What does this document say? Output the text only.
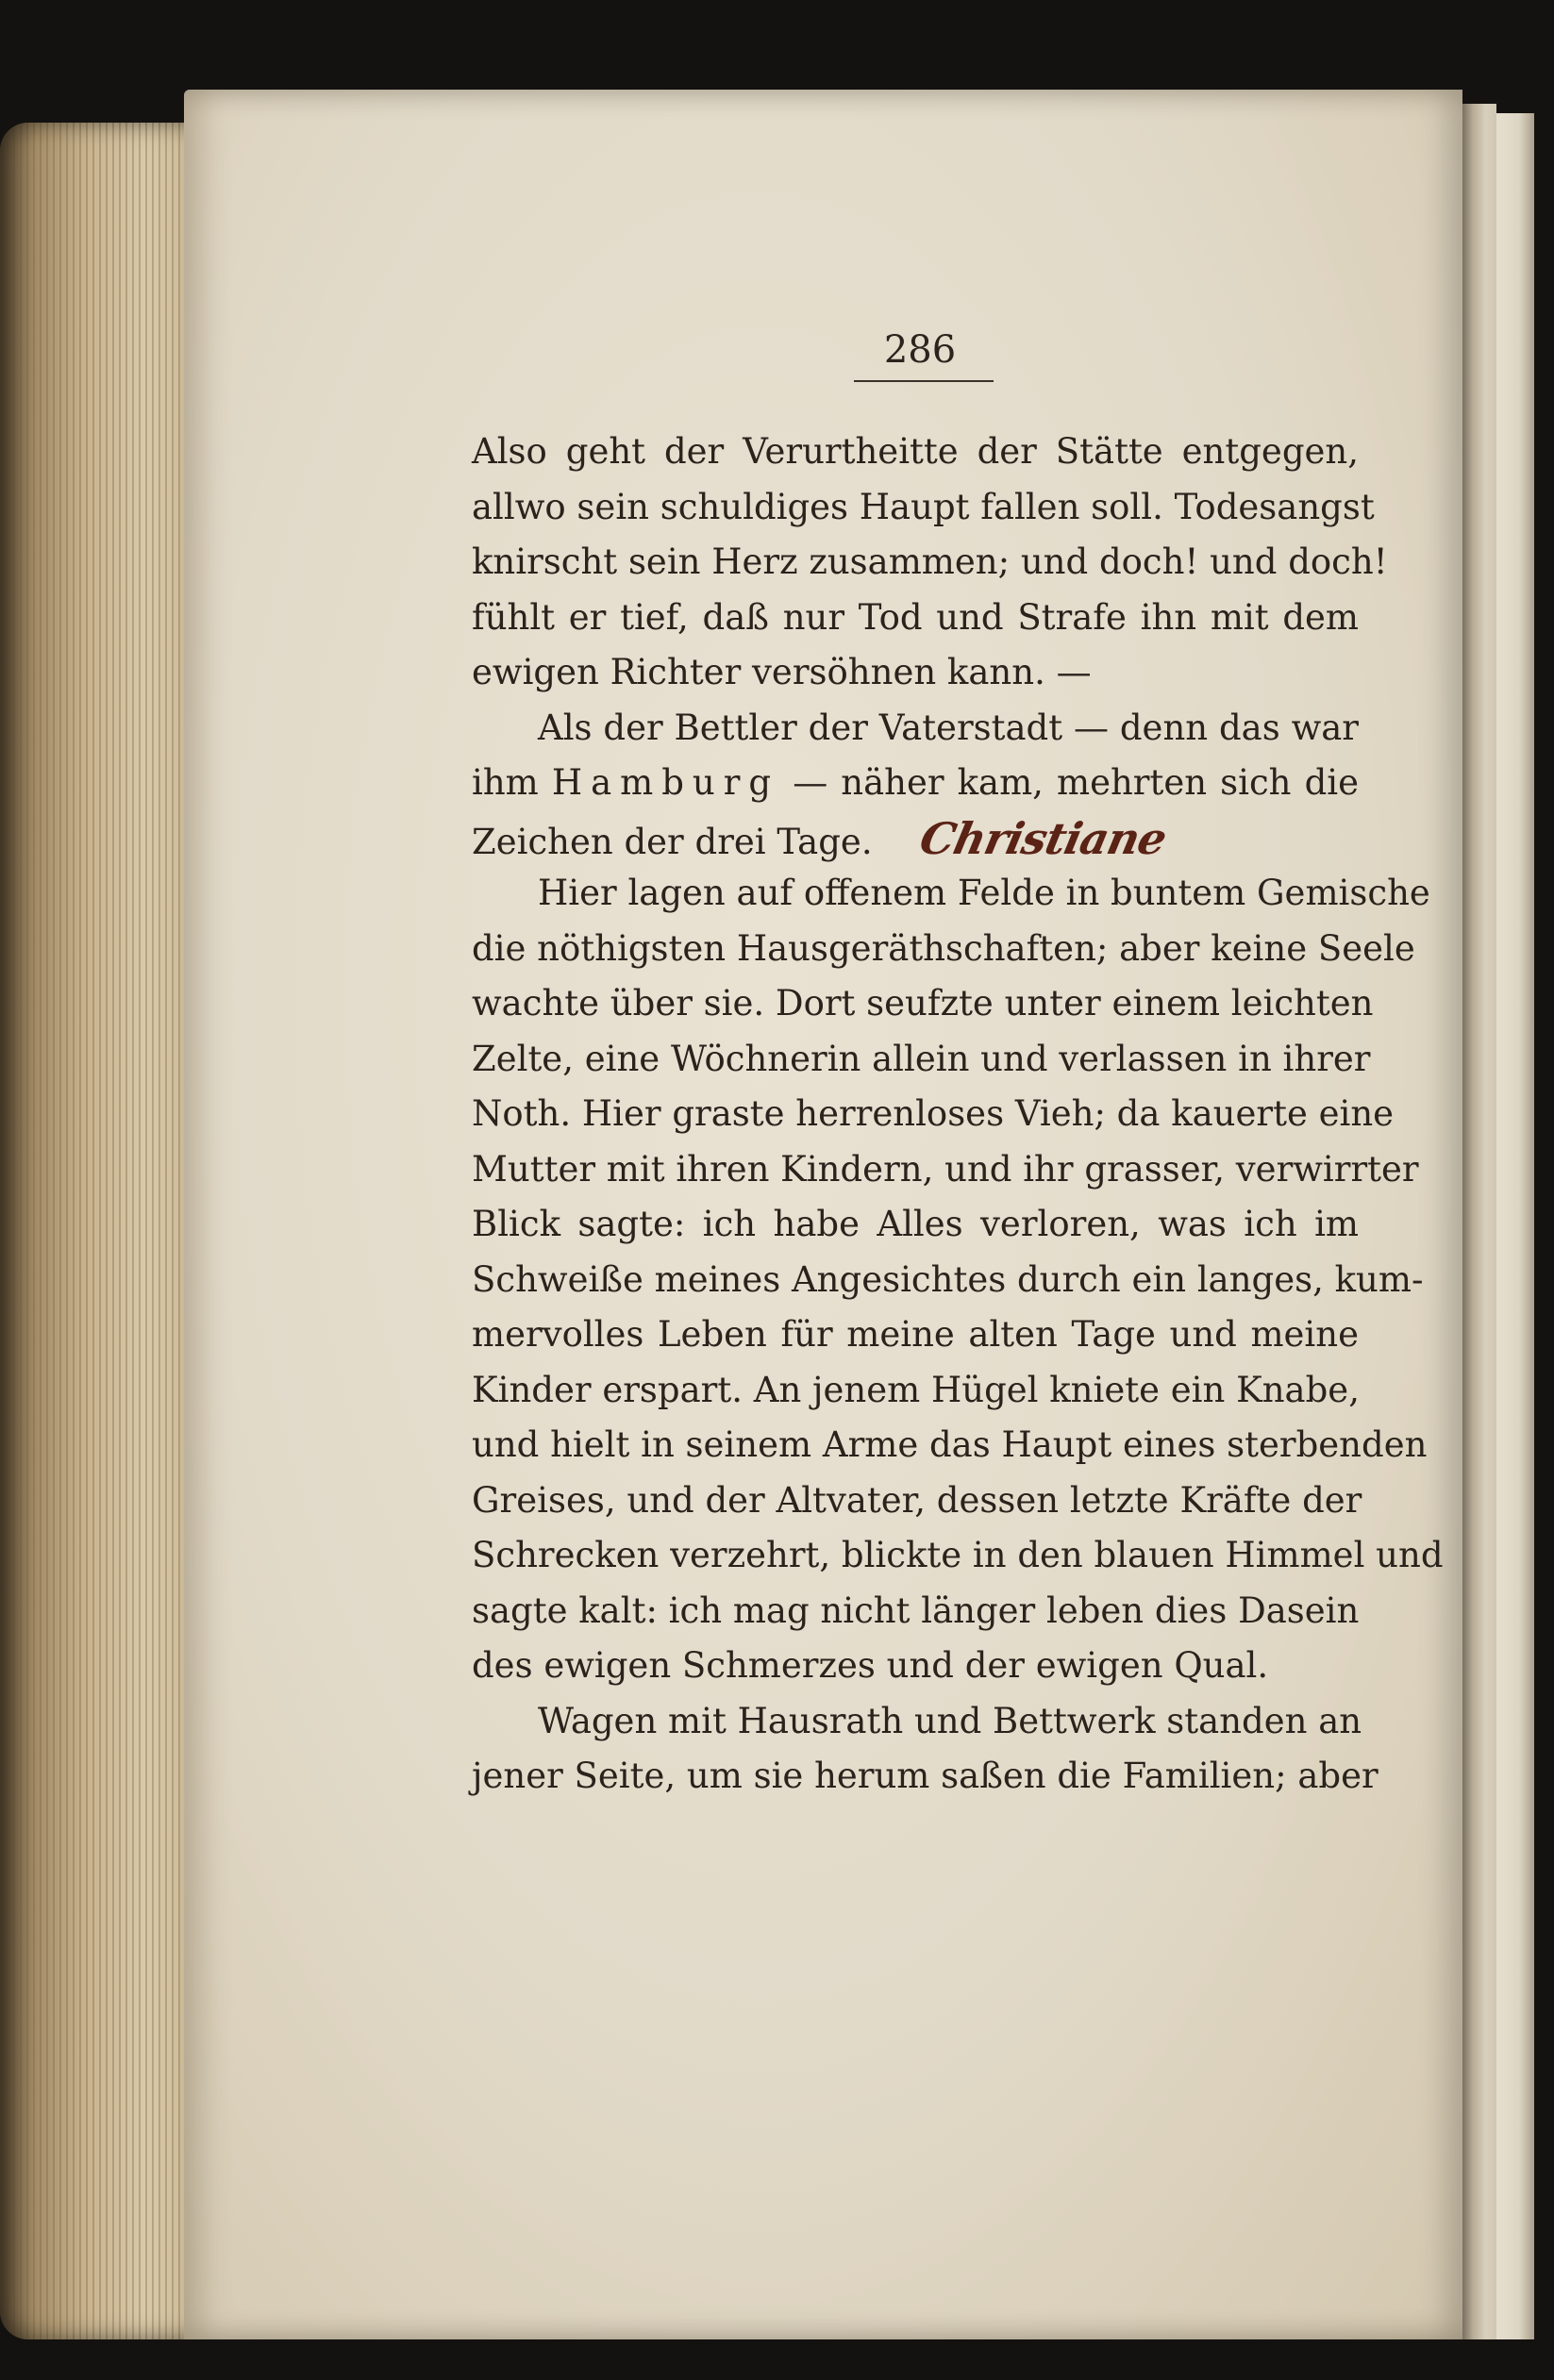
286
Also geht der Verurtheitte der Stätte entgegen,
allwo sein schuldiges Haupt fallen soll. Todesangst
knirscht sein Herz zusammen; und doch! und doch!
fühlt er tief, daß nur Tod und Strafe ihn mit dem
ewigen Richter versöhnen kann. —
Als der Bettler der Vaterstadt — denn das war
ihm Hamburg — näher kam, mehrten sich die
Zeichen der drei Tage. Christiane
Hier lagen auf offenem Felde in buntem Gemische
die nöthigsten Hausgeräthschaften; aber keine Seele
wachte über sie. Dort seufzte unter einem leichten
Zelte, eine Wöchnerin allein und verlassen in ihrer
Noth. Hier graste herrenloses Vieh; da kauerte eine
Mutter mit ihren Kindern, und ihr grasser, verwirrter
Blick sagte: ich habe Alles verloren, was ich im
Schweiße meines Angesichtes durch ein langes, kum-
mervolles Leben für meine alten Tage und meine
Kinder erspart. An jenem Hügel kniete ein Knabe,
und hielt in seinem Arme das Haupt eines sterbenden
Greises, und der Altvater, dessen letzte Kräfte der
Schrecken verzehrt, blickte in den blauen Himmel und
sagte kalt: ich mag nicht länger leben dies Dasein
des ewigen Schmerzes und der ewigen Qual.
Wagen mit Hausrath und Bettwerk standen an
jener Seite, um sie herum saßen die Familien; aber
